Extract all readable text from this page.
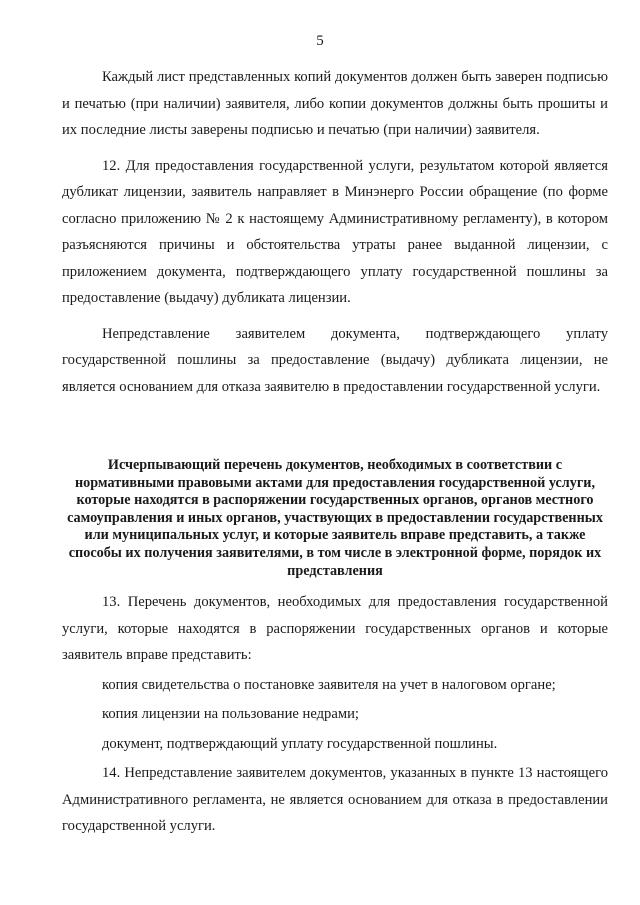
5

Каждый лист представленных копий документов должен быть заверен подписью и печатью (при наличии) заявителя, либо копии документов должны быть прошиты и их последние листы заверены подписью и печатью (при наличии) заявителя.

12. Для предоставления государственной услуги, результатом которой является дубликат лицензии, заявитель направляет в Минэнерго России обращение (по форме согласно приложению № 2 к настоящему Административному регламенту), в котором разъясняются причины и обстоятельства утраты ранее выданной лицензии, с приложением документа, подтверждающего уплату государственной пошлины за предоставление (выдачу) дубликата лицензии.

Непредставление заявителем документа, подтверждающего уплату государственной пошлины за предоставление (выдачу) дубликата лицензии, не является основанием для отказа заявителю в предоставлении государственной услуги.

Исчерпывающий перечень документов, необходимых в соответствии с нормативными правовыми актами для предоставления государственной услуги, которые находятся в распоряжении государственных органов, органов местного самоуправления и иных органов, участвующих в предоставлении государственных или муниципальных услуг, и которые заявитель вправе представить, а также способы их получения заявителями, в том числе в электронной форме, порядок их представления

13. Перечень документов, необходимых для предоставления государственной услуги, которые находятся в распоряжении государственных органов и которые заявитель вправе представить:

копия свидетельства о постановке заявителя на учет в налоговом органе;

копия лицензии на пользование недрами;

документ, подтверждающий уплату государственной пошлины.

14. Непредставление заявителем документов, указанных в пункте 13 настоящего Административного регламента, не является основанием для отказа в предоставлении государственной услуги.
